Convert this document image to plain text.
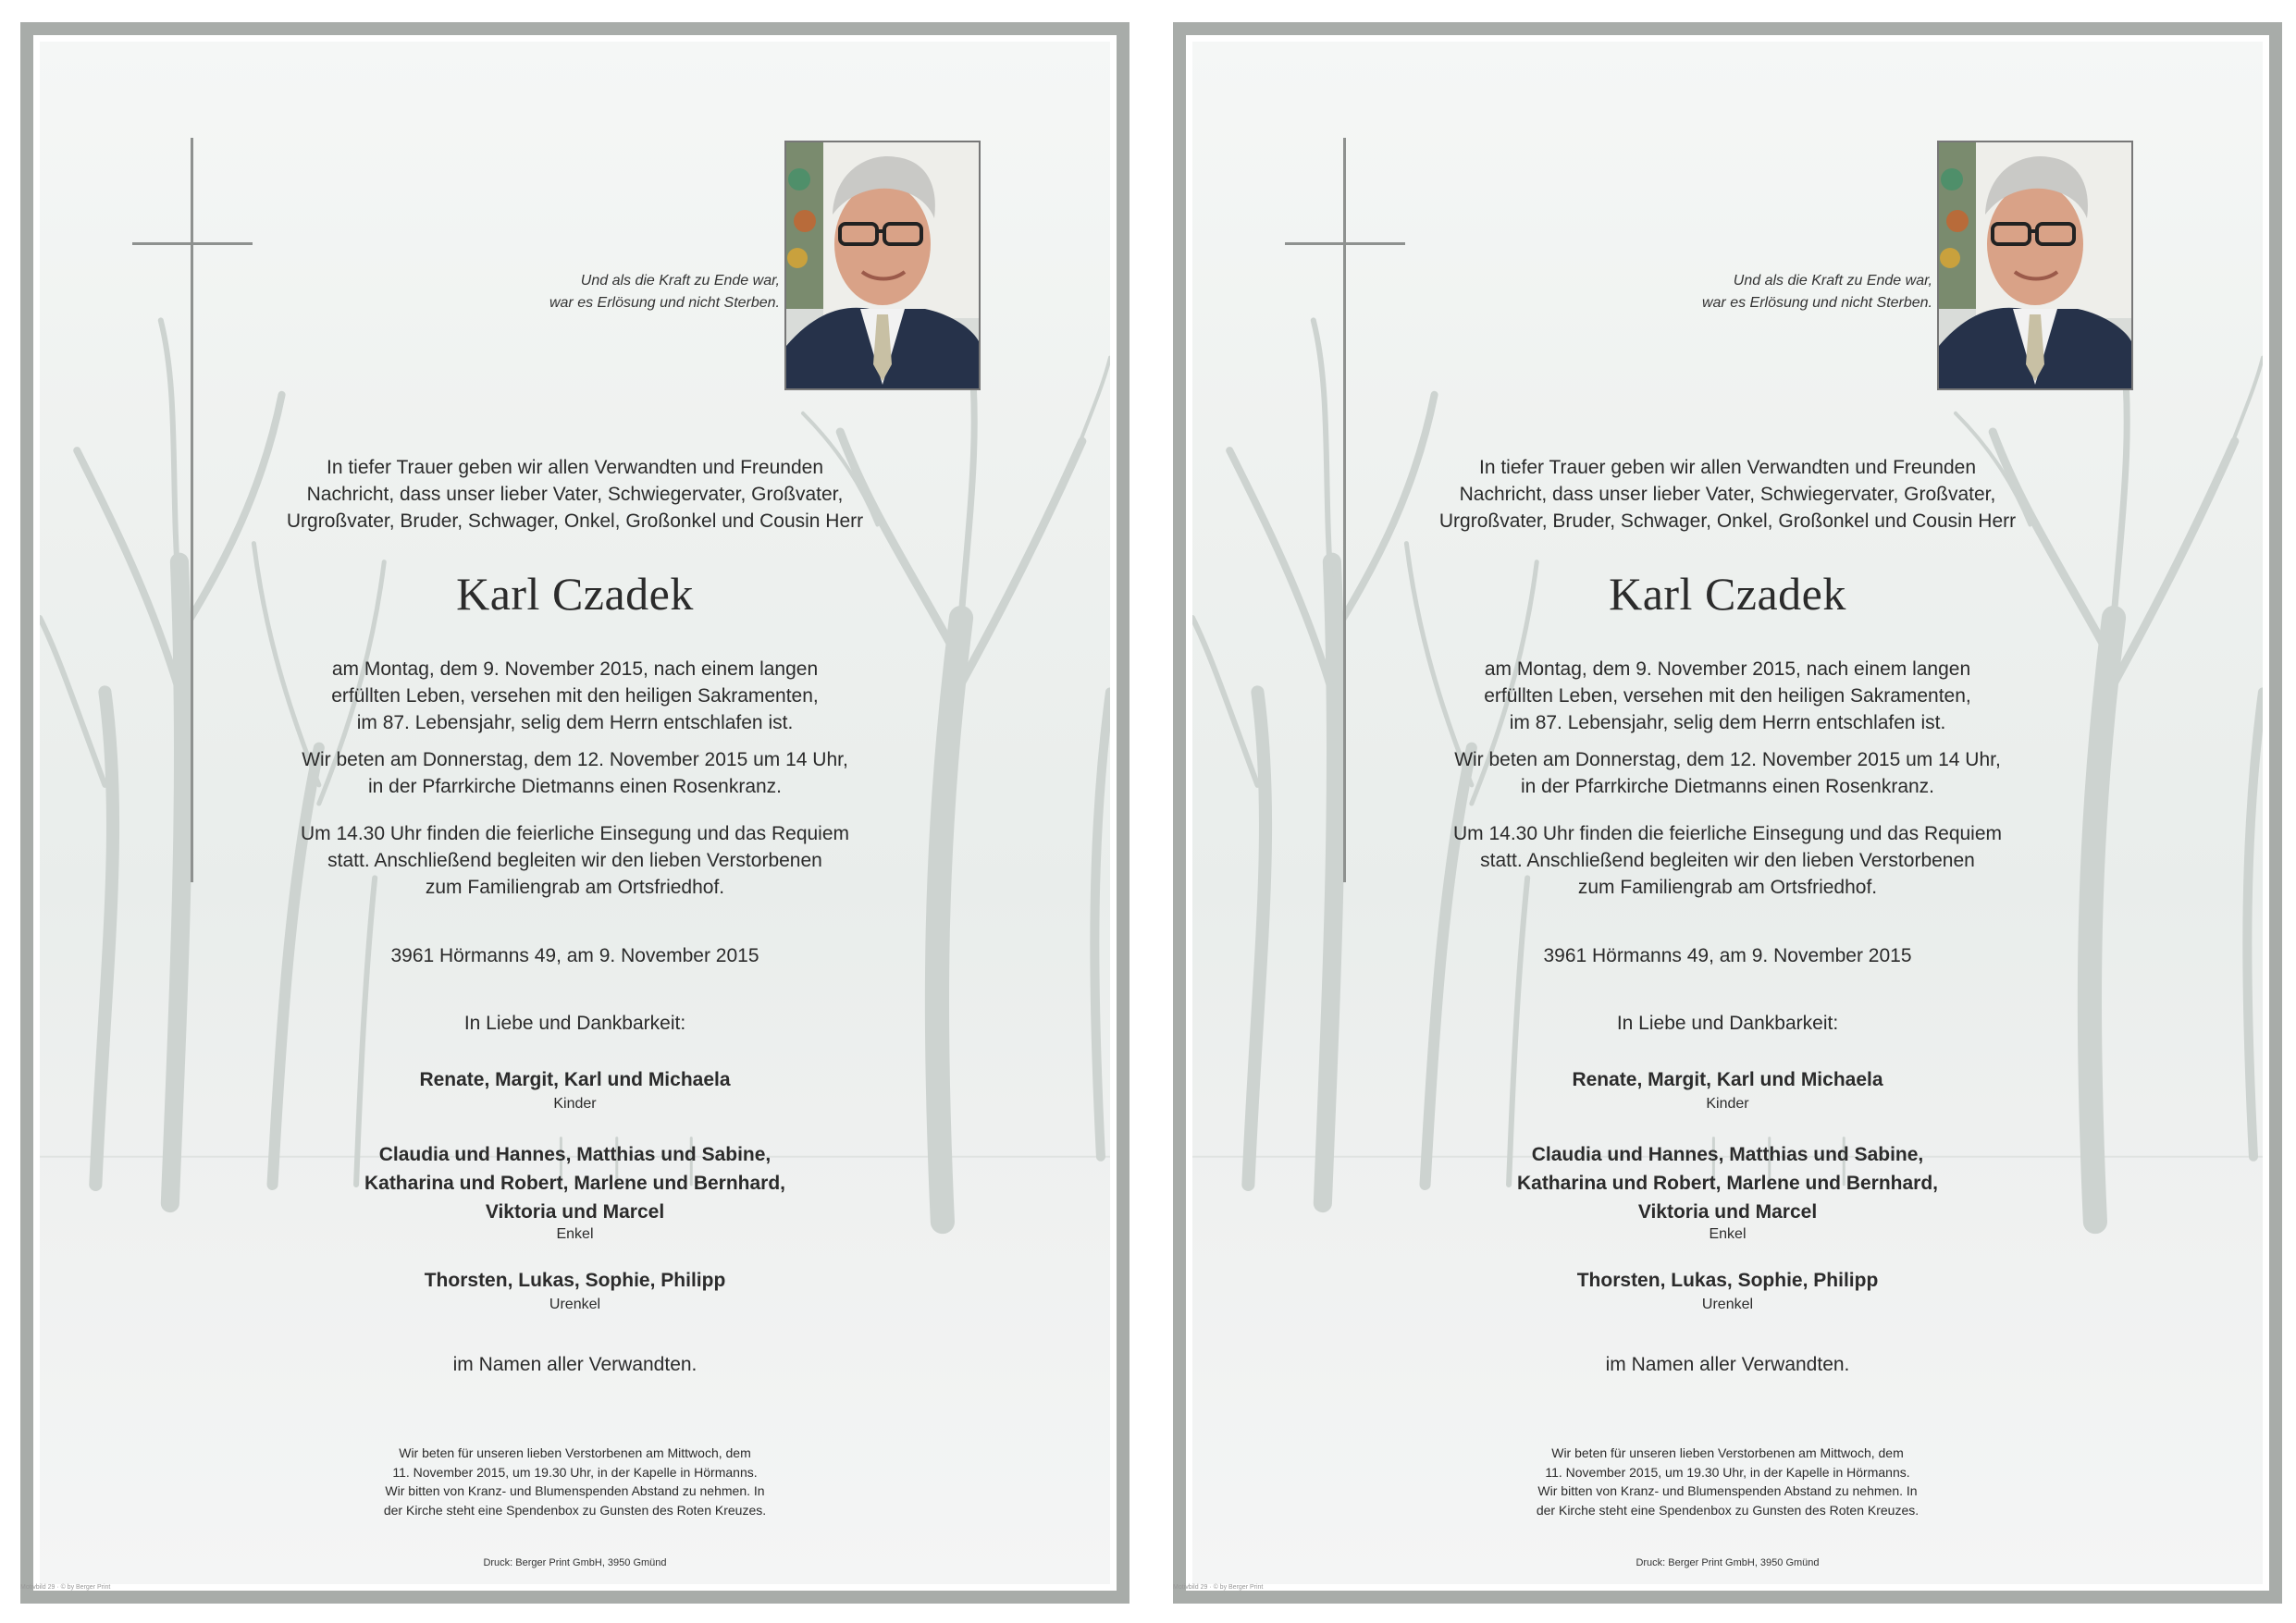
Und als die Kraft zu Ende war,
war es Erlösung und nicht Sterben.
In tiefer Trauer geben wir allen Verwandten und Freunden
Nachricht, dass unser lieber Vater, Schwiegervater, Großvater,
Urgroßvater, Bruder, Schwager, Onkel, Großonkel und Cousin Herr
Karl Czadek
am Montag, dem 9. November 2015, nach einem langen
erfüllten Leben, versehen mit den heiligen Sakramenten,
im 87. Lebensjahr, selig dem Herrn entschlafen ist.
Wir beten am Donnerstag, dem 12. November 2015 um 14 Uhr,
in der Pfarrkirche Dietmanns einen Rosenkranz.
Um 14.30 Uhr finden die feierliche Einsegung und das Requiem
statt. Anschließend begleiten wir den lieben Verstorbenen
zum Familiengrab am Ortsfriedhof.
3961 Hörmanns 49, am 9. November 2015
In Liebe und Dankbarkeit:
Renate, Margit, Karl und Michaela
Kinder
Claudia und Hannes, Matthias und Sabine,
Katharina und Robert, Marlene und Bernhard,
Viktoria und Marcel
Enkel
Thorsten, Lukas, Sophie, Philipp
Urenkel
im Namen aller Verwandten.
Wir beten für unseren lieben Verstorbenen am Mittwoch, dem
11. November 2015, um 19.30 Uhr, in der Kapelle in Hörmanns.
Wir bitten von Kranz- und Blumenspenden Abstand zu nehmen. In
der Kirche steht eine Spendenbox zu Gunsten des Roten Kreuzes.
Druck: Berger Print GmbH, 3950 Gmünd
Motivbild 29 · © by Berger Print
Und als die Kraft zu Ende war,
war es Erlösung und nicht Sterben.
In tiefer Trauer geben wir allen Verwandten und Freunden
Nachricht, dass unser lieber Vater, Schwiegervater, Großvater,
Urgroßvater, Bruder, Schwager, Onkel, Großonkel und Cousin Herr
Karl Czadek
am Montag, dem 9. November 2015, nach einem langen
erfüllten Leben, versehen mit den heiligen Sakramenten,
im 87. Lebensjahr, selig dem Herrn entschlafen ist.
Wir beten am Donnerstag, dem 12. November 2015 um 14 Uhr,
in der Pfarrkirche Dietmanns einen Rosenkranz.
Um 14.30 Uhr finden die feierliche Einsegung und das Requiem
statt. Anschließend begleiten wir den lieben Verstorbenen
zum Familiengrab am Ortsfriedhof.
3961 Hörmanns 49, am 9. November 2015
In Liebe und Dankbarkeit:
Renate, Margit, Karl und Michaela
Kinder
Claudia und Hannes, Matthias und Sabine,
Katharina und Robert, Marlene und Bernhard,
Viktoria und Marcel
Enkel
Thorsten, Lukas, Sophie, Philipp
Urenkel
im Namen aller Verwandten.
Wir beten für unseren lieben Verstorbenen am Mittwoch, dem
11. November 2015, um 19.30 Uhr, in der Kapelle in Hörmanns.
Wir bitten von Kranz- und Blumenspenden Abstand zu nehmen. In
der Kirche steht eine Spendenbox zu Gunsten des Roten Kreuzes.
Druck: Berger Print GmbH, 3950 Gmünd
Motivbild 29 · © by Berger Print
